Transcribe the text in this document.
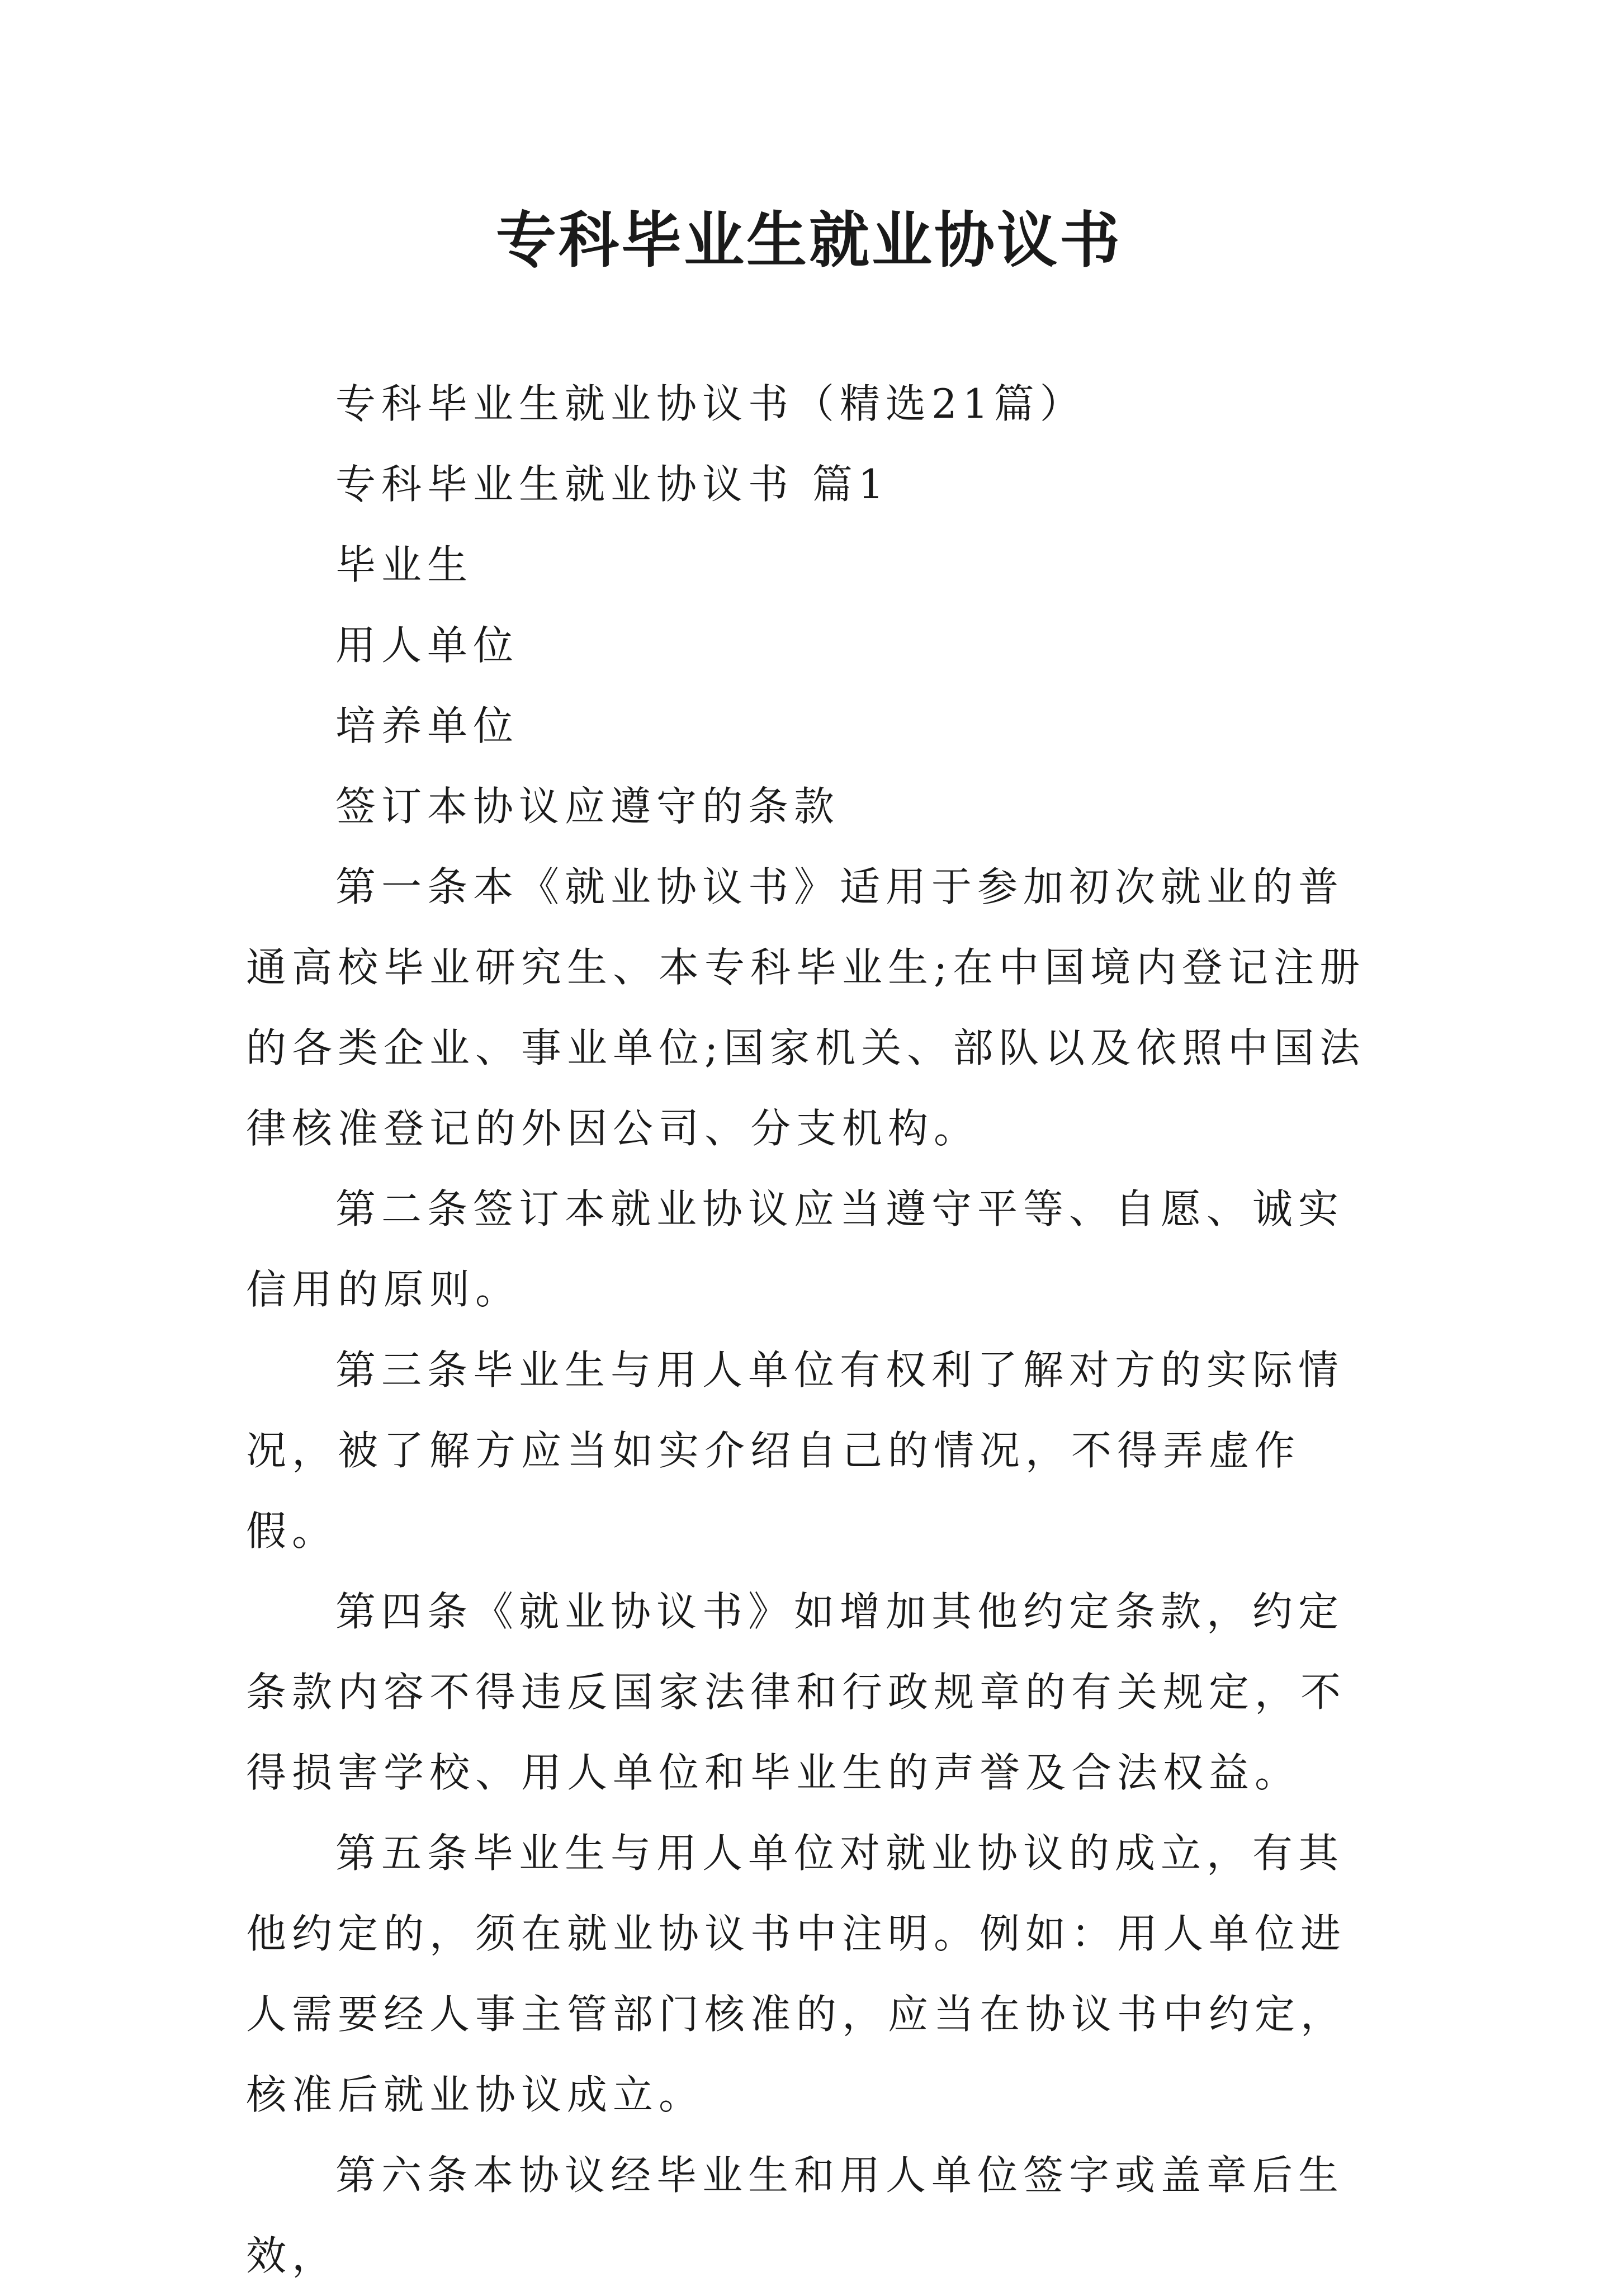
专科毕业生就业协议书

专科毕业生就业协议书（精选21篇）

专科毕业生就业协议书 篇1

毕业生

用人单位

培养单位

签订本协议应遵守的条款

第一条本《就业协议书》适用于参加初次就业的普通高校毕业研究生、本专科毕业生;在中国境内登记注册的各类企业、事业单位;国家机关、部队以及依照中国法律核准登记的外因公司、分支机构。

第二条签订本就业协议应当遵守平等、自愿、诚实信用的原则。

第三条毕业生与用人单位有权利了解对方的实际情况，被了解方应当如实介绍自己的情况，不得弄虚作假。

第四条《就业协议书》如增加其他约定条款，约定条款内容不得违反国家法律和行政规章的有关规定，不得损害学校、用人单位和毕业生的声誉及合法权益。

第五条毕业生与用人单位对就业协议的成立，有其他约定的，须在就业协议书中注明。例如：用人单位进人需要经人事主管部门核准的，应当在协议书中约定，核准后就业协议成立。

第六条本协议经毕业生和用人单位签字或盖章后生效，
